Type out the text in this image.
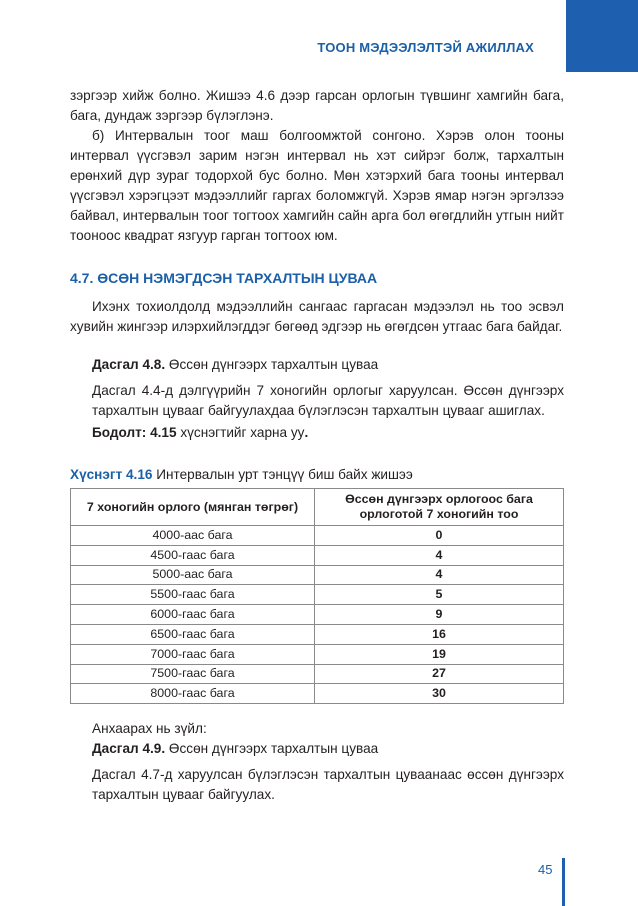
ТООН МЭДЭЭЛЭЛТЭЙ АЖИЛЛАХ

зэргээр хийж болно. Жишээ 4.6 дээр гарсан орлогын түвшинг хамгийн бага, бага, дундаж зэргээр бүлэглэнэ.

б) Интервалын тоог маш болгоомжтой сонгоно. Хэрэв олон тооны интервал үүсгэвэл зарим нэгэн интервал нь хэт сийрэг болж, тархалтын ерөнхий дүр зураг тодорхой бус болно. Мөн хэтэрхий бага тооны интервал үүсгэвэл хэрэгцээт мэдээллийг гаргах боломжгүй. Хэрэв ямар нэгэн эргэлзээ байвал, интервалын тоог тогтоох хамгийн сайн арга бол өгөгдлийн утгын нийт тооноос квадрат язгуур гарган тогтоох юм.

4.7. ӨСӨН НЭМЭГДСЭН ТАРХАЛТЫН ЦУВАА

Ихэнх тохиолдолд мэдээллийн сангаас гаргасан мэдээлэл нь тоо эсвэл хувийн жингээр илэрхийлэгддэг бөгөөд эдгээр нь өгөгдсөн утгаас бага байдаг.

Дасгал 4.8. Өссөн дүнгээрх тархалтын цуваа

Дасгал 4.4-д дэлгүүрийн 7 хоногийн орлогыг харуулсан. Өссөн дүнгээрх тархалтын цувааг байгуулахдаа бүлэглэсэн тархалтын цувааг ашиглах.

Бодолт: 4.15 хүснэгтийг харна уу.

Хүснэгт 4.16 Интервалын урт тэнцүү биш байх жишээ

7 хоногийн орлого (мянган төгрөг)	Өссөн дүнгээрх орлогоос бага орлоготой 7 хоногийн тоо
4000-аас бага	0
4500-гаас бага	4
5000-аас бага	4
5500-гаас бага	5
6000-гаас бага	9
6500-гаас бага	16
7000-гаас бага	19
7500-гаас бага	27
8000-гаас бага	30

Анхаарах нь зүйл:

Дасгал 4.9. Өссөн дүнгээрх тархалтын цуваа

Дасгал 4.7-д харуулсан бүлэглэсэн тархалтын цуваанаас өссөн дүнгээрх тархалтын цувааг байгуулах.

45
